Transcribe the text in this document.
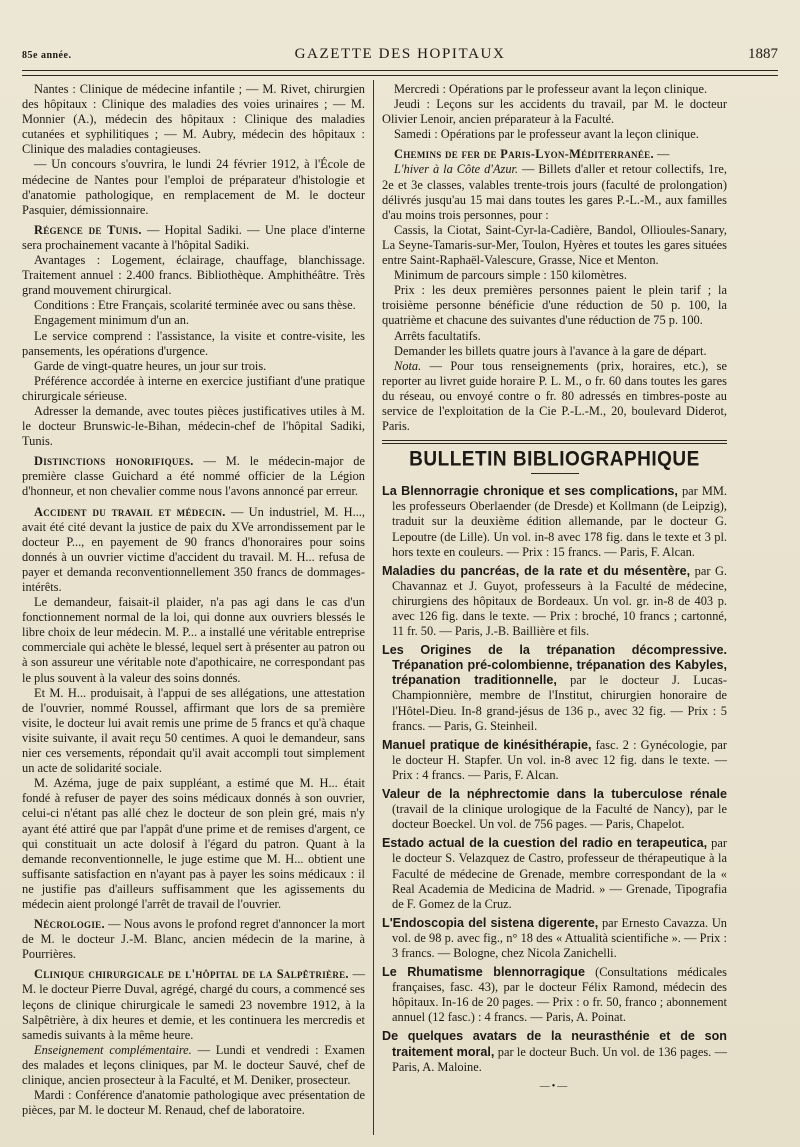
85e année.	GAZETTE DES HOPITAUX	1887

Nantes : Clinique de médecine infantile ; — M. Rivet, chirurgien des hôpitaux : Clinique des maladies des voies urinaires ; — M. Monnier (A.), médecin des hôpitaux : Clinique des maladies cutanées et syphilitiques ; — M. Aubry, médecin des hôpitaux : Clinique des maladies contagieuses.

— Un concours s'ouvrira, le lundi 24 février 1912, à l'École de médecine de Nantes pour l'emploi de préparateur d'histologie et d'anatomie pathologique, en remplacement de M. le docteur Pasquier, démissionnaire.

Régence de Tunis. — Hopital Sadiki. — Une place d'interne sera prochainement vacante à l'hôpital Sadiki.

Avantages : Logement, éclairage, chauffage, blanchissage. Traitement annuel : 2.400 francs. Bibliothèque. Amphithéâtre. Très grand mouvement chirurgical.

Conditions : Etre Français, scolarité terminée avec ou sans thèse.

Engagement minimum d'un an.

Le service comprend : l'assistance, la visite et contre-visite, les pansements, les opérations d'urgence.

Garde de vingt-quatre heures, un jour sur trois.

Préférence accordée à interne en exercice justifiant d'une pratique chirurgicale sérieuse.

Adresser la demande, avec toutes pièces justificatives utiles à M. le docteur Brunswic-le-Bihan, médecin-chef de l'hôpital Sadiki, Tunis.

Distinctions honorifiques. — M. le médecin-major de première classe Guichard a été nommé officier de la Légion d'honneur, et non chevalier comme nous l'avons annoncé par erreur.

Accident du travail et médecin. — Un industriel, M. H..., avait été cité devant la justice de paix du XVe arrondissement par le docteur P..., en payement de 90 francs d'honoraires pour soins donnés à un ouvrier victime d'accident du travail. M. H... refusa de payer et demanda reconventionnellement 350 francs de dommages-intérêts.

Le demandeur, faisait-il plaider, n'a pas agi dans le cas d'un fonctionnement normal de la loi, qui donne aux ouvriers blessés le libre choix de leur médecin. M. P... a installé une véritable entreprise commerciale qui achète le blessé, lequel sert à présenter au patron ou à son assureur une véritable note d'apothicaire, ne correspondant pas le plus souvent à la valeur des soins donnés.

Et M. H... produisait, à l'appui de ses allégations, une attestation de l'ouvrier, nommé Roussel, affirmant que lors de sa première visite, le docteur lui avait remis une prime de 5 francs et qu'à chaque visite suivante, il avait reçu 50 centimes. A quoi le demandeur, sans nier ces versements, répondait qu'il avait accompli tout simplement un acte de solidarité sociale.

M. Azéma, juge de paix suppléant, a estimé que M. H... était fondé à refuser de payer des soins médicaux donnés à son ouvrier, celui-ci n'étant pas allé chez le docteur de son plein gré, mais n'y ayant été attiré que par l'appât d'une prime et de remises d'argent, ce qui constituait un acte dolosif à l'égard du patron. Quant à la demande reconventionnelle, le juge estime que M. H... obtient une suffisante satisfaction en n'ayant pas à payer les soins médicaux : il ne justifie pas d'ailleurs suffisamment que les agissements du médecin aient prolongé l'arrêt de travail de l'ouvrier.

Nécrologie. — Nous avons le profond regret d'annoncer la mort de M. le docteur J.-M. Blanc, ancien médecin de la marine, à Pourrières.

Clinique chirurgicale de l'hôpital de la Salpêtrière. — M. le docteur Pierre Duval, agrégé, chargé du cours, a commencé ses leçons de clinique chirurgicale le samedi 23 novembre 1912, à la Salpêtrière, à dix heures et demie, et les continuera les mercredis et samedis suivants à la même heure.

Enseignement complémentaire. — Lundi et vendredi : Examen des malades et leçons cliniques, par M. le docteur Sauvé, chef de clinique, ancien prosecteur à la Faculté, et M. Deniker, prosecteur.

Mardi : Conférence d'anatomie pathologique avec présentation de pièces, par M. le docteur M. Renaud, chef de laboratoire.

Mercredi : Opérations par le professeur avant la leçon clinique.

Jeudi : Leçons sur les accidents du travail, par M. le docteur Olivier Lenoir, ancien préparateur à la Faculté.

Samedi : Opérations par le professeur avant la leçon clinique.

Chemins de fer de Paris-Lyon-Méditerranée. —

L'hiver à la Côte d'Azur. — Billets d'aller et retour collectifs, 1re, 2e et 3e classes, valables trente-trois jours (faculté de prolongation) délivrés jusqu'au 15 mai dans toutes les gares P.-L.-M., aux familles d'au moins trois personnes, pour :

Cassis, la Ciotat, Saint-Cyr-la-Cadière, Bandol, Ollioules-Sanary, La Seyne-Tamaris-sur-Mer, Toulon, Hyères et toutes les gares situées entre Saint-Raphaël-Valescure, Grasse, Nice et Menton.

Minimum de parcours simple : 150 kilomètres.

Prix : les deux premières personnes paient le plein tarif ; la troisième personne bénéficie d'une réduction de 50 p. 100, la quatrième et chacune des suivantes d'une réduction de 75 p. 100.

Arrêts facultatifs.

Demander les billets quatre jours à l'avance à la gare de départ.

Nota. — Pour tous renseignements (prix, horaires, etc.), se reporter au livret guide horaire P. L. M., o fr. 60 dans toutes les gares du réseau, ou envoyé contre o fr. 80 adressés en timbres-poste au service de l'exploitation de la Cie P.-L.-M., 20, boulevard Diderot, Paris.

BULLETIN BIBLIOGRAPHIQUE

La Blennorragie chronique et ses complications, par MM. les professeurs Oberlaender (de Dresde) et Kollmann (de Leipzig), traduit sur la deuxième édition allemande, par le docteur G. Lepoutre (de Lille). Un vol. in-8 avec 178 fig. dans le texte et 3 pl. hors texte en couleurs. — Prix : 15 francs. — Paris, F. Alcan.

Maladies du pancréas, de la rate et du mésentère, par G. Chavannaz et J. Guyot, professeurs à la Faculté de médecine, chirurgiens des hôpitaux de Bordeaux. Un vol. gr. in-8 de 403 p. avec 126 fig. dans le texte. — Prix : broché, 10 francs ; cartonné, 11 fr. 50. — Paris, J.-B. Baillière et fils.

Les Origines de la trépanation décompressive. Trépanation pré-colombienne, trépanation des Kabyles, trépanation traditionnelle, par le docteur J. Lucas-Championnière, membre de l'Institut, chirurgien honoraire de l'Hôtel-Dieu. In-8 grand-jésus de 136 p., avec 32 fig. — Prix : 5 francs. — Paris, G. Steinheil.

Manuel pratique de kinésithérapie, fasc. 2 : Gynécologie, par le docteur H. Stapfer. Un vol. in-8 avec 12 fig. dans le texte. — Prix : 4 francs. — Paris, F. Alcan.

Valeur de la néphrectomie dans la tuberculose rénale (travail de la clinique urologique de la Faculté de Nancy), par le docteur Boeckel. Un vol. de 756 pages. — Paris, Chapelot.

Estado actual de la cuestion del radio en terapeutica, par le docteur S. Velazquez de Castro, professeur de thérapeutique à la Faculté de médecine de Grenade, membre correspondant de la « Real Academia de Medicina de Madrid. » — Grenade, Tipografia de F. Gomez de la Cruz.

L'Endoscopia del sistena digerente, par Ernesto Cavazza. Un vol. de 98 p. avec fig., n° 18 des « Attualità scientifiche ». — Prix : 3 francs. — Bologne, chez Nicola Zanichelli.

Le Rhumatisme blennorragique (Consultations médicales françaises, fasc. 43), par le docteur Félix Ramond, médecin des hôpitaux. In-16 de 20 pages. — Prix : o fr. 50, franco ; abonnement annuel (12 fasc.) : 4 francs. — Paris, A. Poinat.

De quelques avatars de la neurasthénie et de son traitement moral, par le docteur Buch. Un vol. de 136 pages. — Paris, A. Maloine.

—•—
